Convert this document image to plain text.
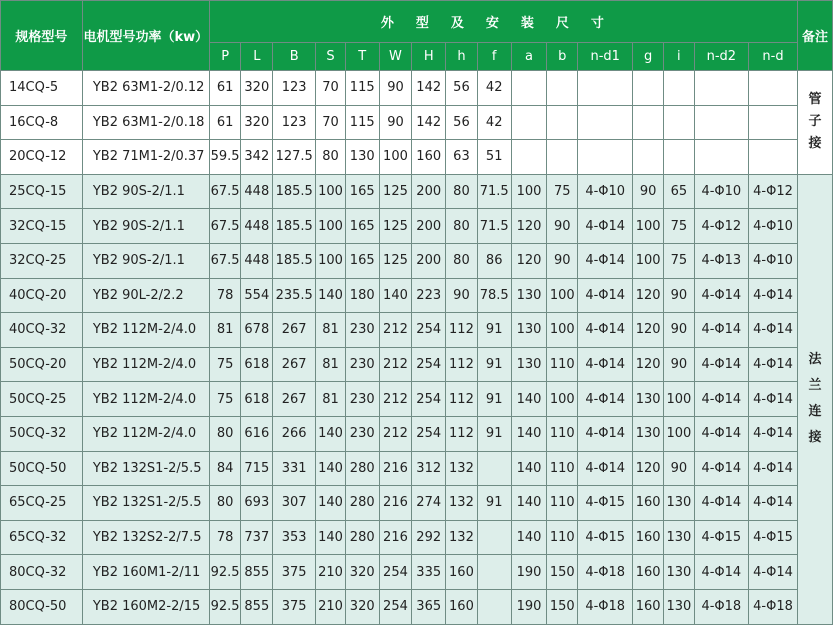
规格型号	电机型号功率（kw）	外型及安装尺寸																备注
		P	L	B	S	T	W	H	h	f	a	b	n-d1	g	i	n-d2	n-d	
14CQ-5	YB2 63M1-2/0.12	61	320	123	70	115	90	142	56	42								管子接
16CQ-8	YB2 63M1-2/0.18	61	320	123	70	115	90	142	56	42								
20CQ-12	YB2 71M1-2/0.37	59.5	342	127.5	80	130	100	160	63	51								
25CQ-15	YB2 90S-2/1.1	67.5	448	185.5	100	165	125	200	80	71.5	100	75	4-Φ10	90	65	4-Φ10	4-Φ12	法兰连接
32CQ-15	YB2 90S-2/1.1	67.5	448	185.5	100	165	125	200	80	71.5	120	90	4-Φ14	100	75	4-Φ12	4-Φ10	
32CQ-25	YB2 90S-2/1.1	67.5	448	185.5	100	165	125	200	80	86	120	90	4-Φ14	100	75	4-Φ13	4-Φ10	
40CQ-20	YB2 90L-2/2.2	78	554	235.5	140	180	140	223	90	78.5	130	100	4-Φ14	120	90	4-Φ14	4-Φ14	
40CQ-32	YB2 112M-2/4.0	81	678	267	81	230	212	254	112	91	130	100	4-Φ14	120	90	4-Φ14	4-Φ14	
50CQ-20	YB2 112M-2/4.0	75	618	267	81	230	212	254	112	91	130	110	4-Φ14	120	90	4-Φ14	4-Φ14	
50CQ-25	YB2 112M-2/4.0	75	618	267	81	230	212	254	112	91	140	100	4-Φ14	130	100	4-Φ14	4-Φ14	
50CQ-32	YB2 112M-2/4.0	80	616	266	140	230	212	254	112	91	140	110	4-Φ14	130	100	4-Φ14	4-Φ14	
50CQ-50	YB2 132S1-2/5.5	84	715	331	140	280	216	312	132		140	110	4-Φ14	120	90	4-Φ14	4-Φ14	
65CQ-25	YB2 132S1-2/5.5	80	693	307	140	280	216	274	132	91	140	110	4-Φ15	160	130	4-Φ14	4-Φ14	
65CQ-32	YB2 132S2-2/7.5	78	737	353	140	280	216	292	132		140	110	4-Φ15	160	130	4-Φ15	4-Φ15	
80CQ-32	YB2 160M1-2/11	92.5	855	375	210	320	254	335	160		190	150	4-Φ18	160	130	4-Φ14	4-Φ14	
80CQ-50	YB2 160M2-2/15	92.5	855	375	210	320	254	365	160		190	150	4-Φ18	160	130	4-Φ18	4-Φ18	
